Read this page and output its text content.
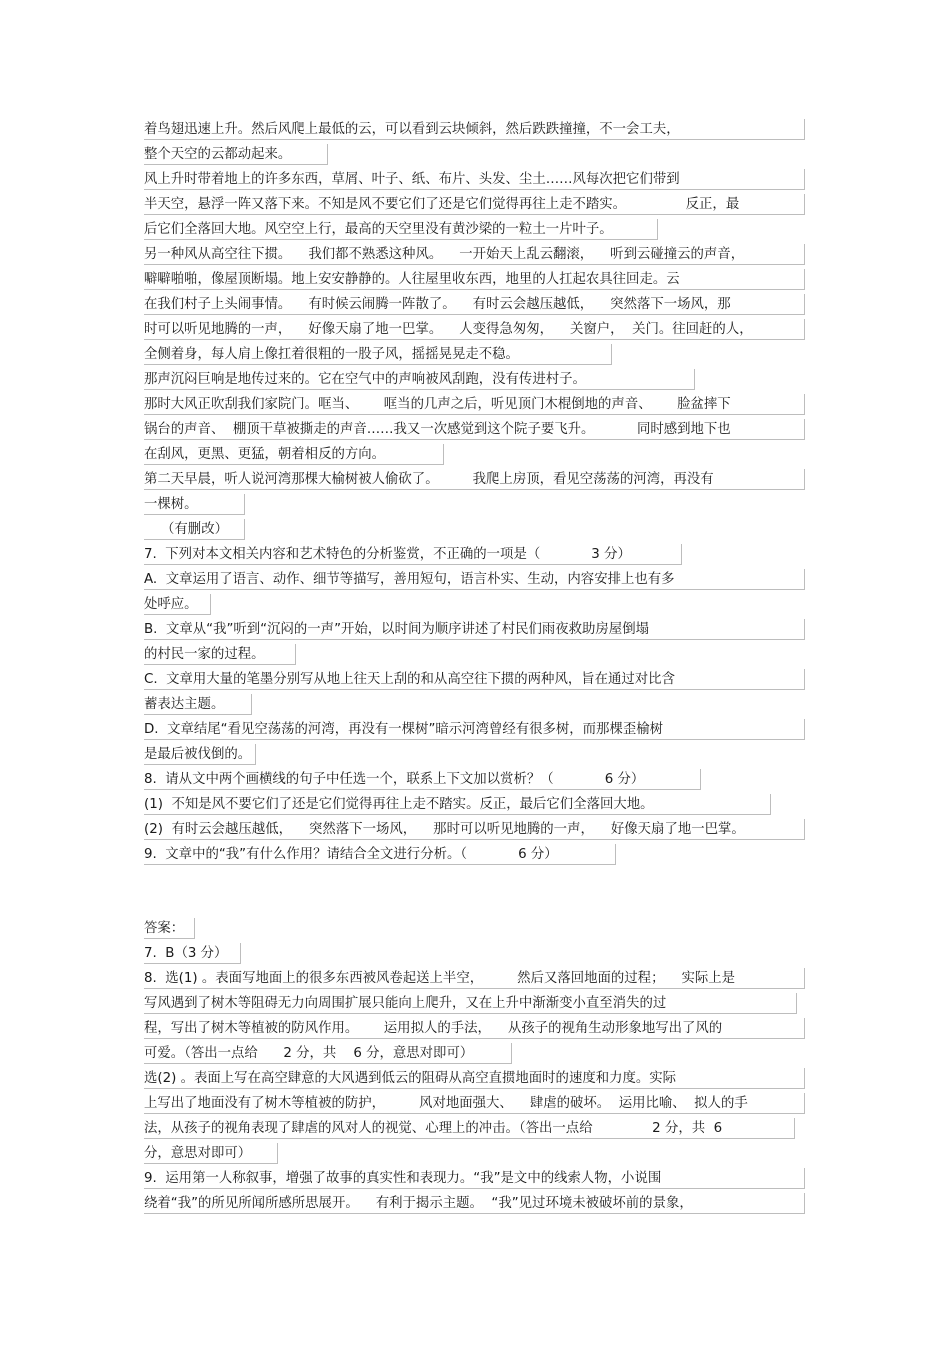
着鸟翅迅速上升。然后风爬上最低的云，可以看到云块倾斜，然后跌跌撞撞，不一会工夫，
整个天空的云都动起来。
风上升时带着地上的许多东西，草屑、叶子、纸、布片、头发、尘土……风每次把它们带到
半天空，悬浮一阵又落下来。不知是风不要它们了还是它们觉得再往上走不踏实。              反正，最
后它们全落回大地。风空空上行，最高的天空里没有黄沙梁的一粒土一片叶子。
另一种风从高空往下掼。    我们都不熟悉这种风。    一开始天上乱云翻滚，    听到云碰撞云的声音，
噼噼啪啪，像屋顶断塌。地上安安静静的。人往屋里收东西，地里的人扛起农具往回走。云
在我们村子上头闹事情。    有时候云闹腾一阵散了。    有时云会越压越低，    突然落下一场风，那
时可以听见地腾的一声，    好像天扇了地一巴掌。    人变得急匆匆，    关窗户，  关门。往回赶的人，
全侧着身，每人肩上像扛着很粗的一股子风，摇摇晃晃走不稳。
那声沉闷巨响是地传过来的。它在空气中的声响被风刮跑，没有传进村子。
那时大风正吹刮我们家院门。哐当、      哐当的几声之后，听见顶门木棍倒地的声音、      脸盆摔下
锅台的声音、  棚顶干草被撕走的声音……我又一次感觉到这个院子要飞升。          同时感到地下也
在刮风，更黑、更猛，朝着相反的方向。
第二天早晨，听人说河湾那棵大榆树被人偷砍了。        我爬上房顶，看见空荡荡的河湾，再没有
一棵树。
（有删改）
7.  下列对本文相关内容和艺术特色的分析鉴赏，不正确的一项是（            3 分）
A.  文章运用了语言、动作、细节等描写，善用短句，语言朴实、生动，内容安排上也有多
处呼应。
B.  文章从“我”听到“沉闷的一声”开始，以时间为顺序讲述了村民们雨夜救助房屋倒塌
的村民一家的过程。
C.  文章用大量的笔墨分别写从地上往天上刮的和从高空往下掼的两种风，旨在通过对比含
蓄表达主题。
D.  文章结尾“看见空荡荡的河湾，再没有一棵树”暗示河湾曾经有很多树，而那棵歪榆树
是最后被伐倒的。
8.  请从文中两个画横线的句子中任选一个，联系上下文加以赏析？（            6 分）
(1)  不知是风不要它们了还是它们觉得再往上走不踏实。反正，最后它们全落回大地。
(2)  有时云会越压越低，    突然落下一场风，    那时可以听见地腾的一声，    好像天扇了地一巴掌。
9.  文章中的“我”有什么作用？请结合全文进行分析。（            6 分）
答案：
7.  B（3 分）
8.  选(1) 。表面写地面上的很多东西被风卷起送上半空，        然后又落回地面的过程；    实际上是
写风遇到了树木等阻碍无力向周围扩展只能向上爬升，又在上升中渐渐变小直至消失的过
程，写出了树木等植被的防风作用。      运用拟人的手法，    从孩子的视角生动形象地写出了风的
可爱。（答出一点给      2 分，共    6 分，意思对即可）
选(2) 。表面上写在高空肆意的大风遇到低云的阻碍从高空直掼地面时的速度和力度。实际
上写出了地面没有了树木等植被的防护，        风对地面强大、    肆虐的破坏。  运用比喻、  拟人的手
法，从孩子的视角表现了肆虐的风对人的视觉、心理上的冲击。（答出一点给              2 分，共  6
分，意思对即可）
9.  运用第一人称叙事，增强了故事的真实性和表现力。“我”是文中的线索人物，小说围
绕着“我”的所见所闻所感所思展开。    有利于揭示主题。  “我”见过环境未被破坏前的景象，
